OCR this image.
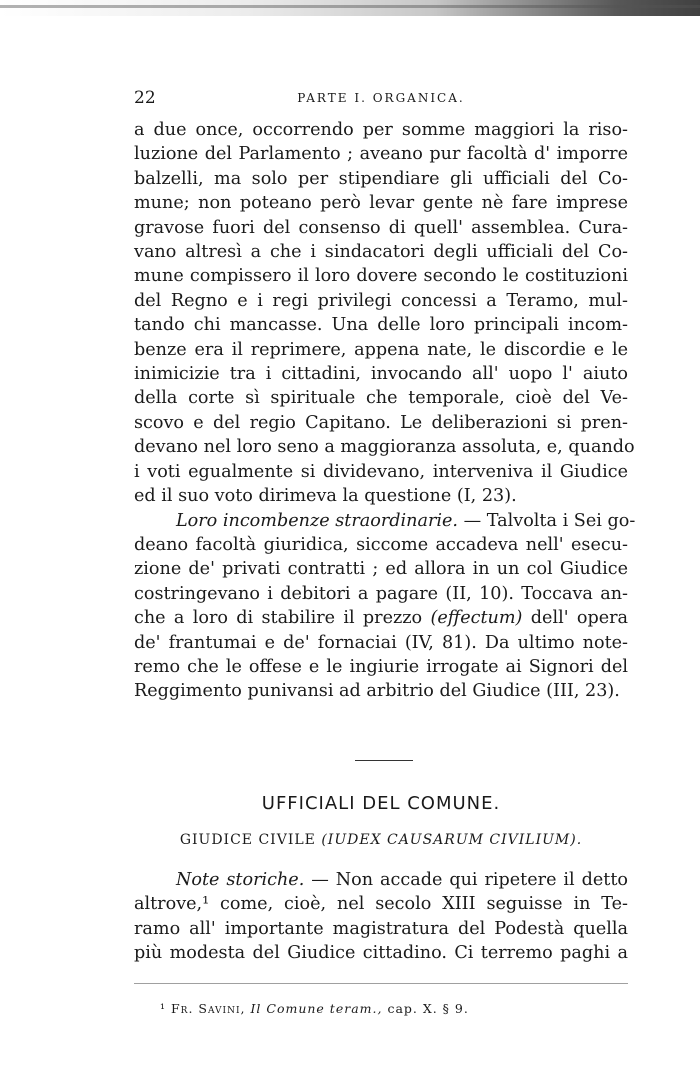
22	PARTE I. ORGANICA.

a due once, occorrendo per somme maggiori la riso-
luzione del Parlamento ; aveano pur facoltà d' imporre
balzelli, ma solo per stipendiare gli ufficiali del Co-
mune; non poteano però levar gente nè fare imprese
gravose fuori del consenso di quell' assemblea. Cura-
vano altresì a che i sindacatori degli ufficiali del Co-
mune compissero il loro dovere secondo le costituzioni
del Regno e i regi privilegi concessi a Teramo, mul-
tando chi mancasse. Una delle loro principali incom-
benze era il reprimere, appena nate, le discordie e le
inimicizie tra i cittadini, invocando all' uopo l' aiuto
della corte sì spirituale che temporale, cioè del Ve-
scovo e del regio Capitano. Le deliberazioni si pren-
devano nel loro seno a maggioranza assoluta, e, quando
i voti egualmente si dividevano, interveniva il Giudice
ed il suo voto dirimeva la questione (I, 23).

Loro incombenze straordinarie. — Talvolta i Sei go-
deano facoltà giuridica, siccome accadeva nell' esecu-
zione de' privati contratti ; ed allora in un col Giudice
costringevano i debitori a pagare (II, 10). Toccava an-
che a loro di stabilire il prezzo (effectum) dell' opera
de' frantumai e de' fornaciai (IV, 81). Da ultimo note-
remo che le offese e le ingiurie irrogate ai Signori del
Reggimento punivansi ad arbitrio del Giudice (III, 23).

UFFICIALI DEL COMUNE.
GIUDICE CIVILE (IUDEX CAUSARUM CIVILIUM).

Note storiche. — Non accade qui ripetere il detto
altrove,¹ come, cioè, nel secolo XIII seguisse in Te-
ramo all' importante magistratura del Podestà quella
più modesta del Giudice cittadino. Ci terremo paghi a

¹ Fr. Savini, Il Comune teram., cap. X. § 9.
